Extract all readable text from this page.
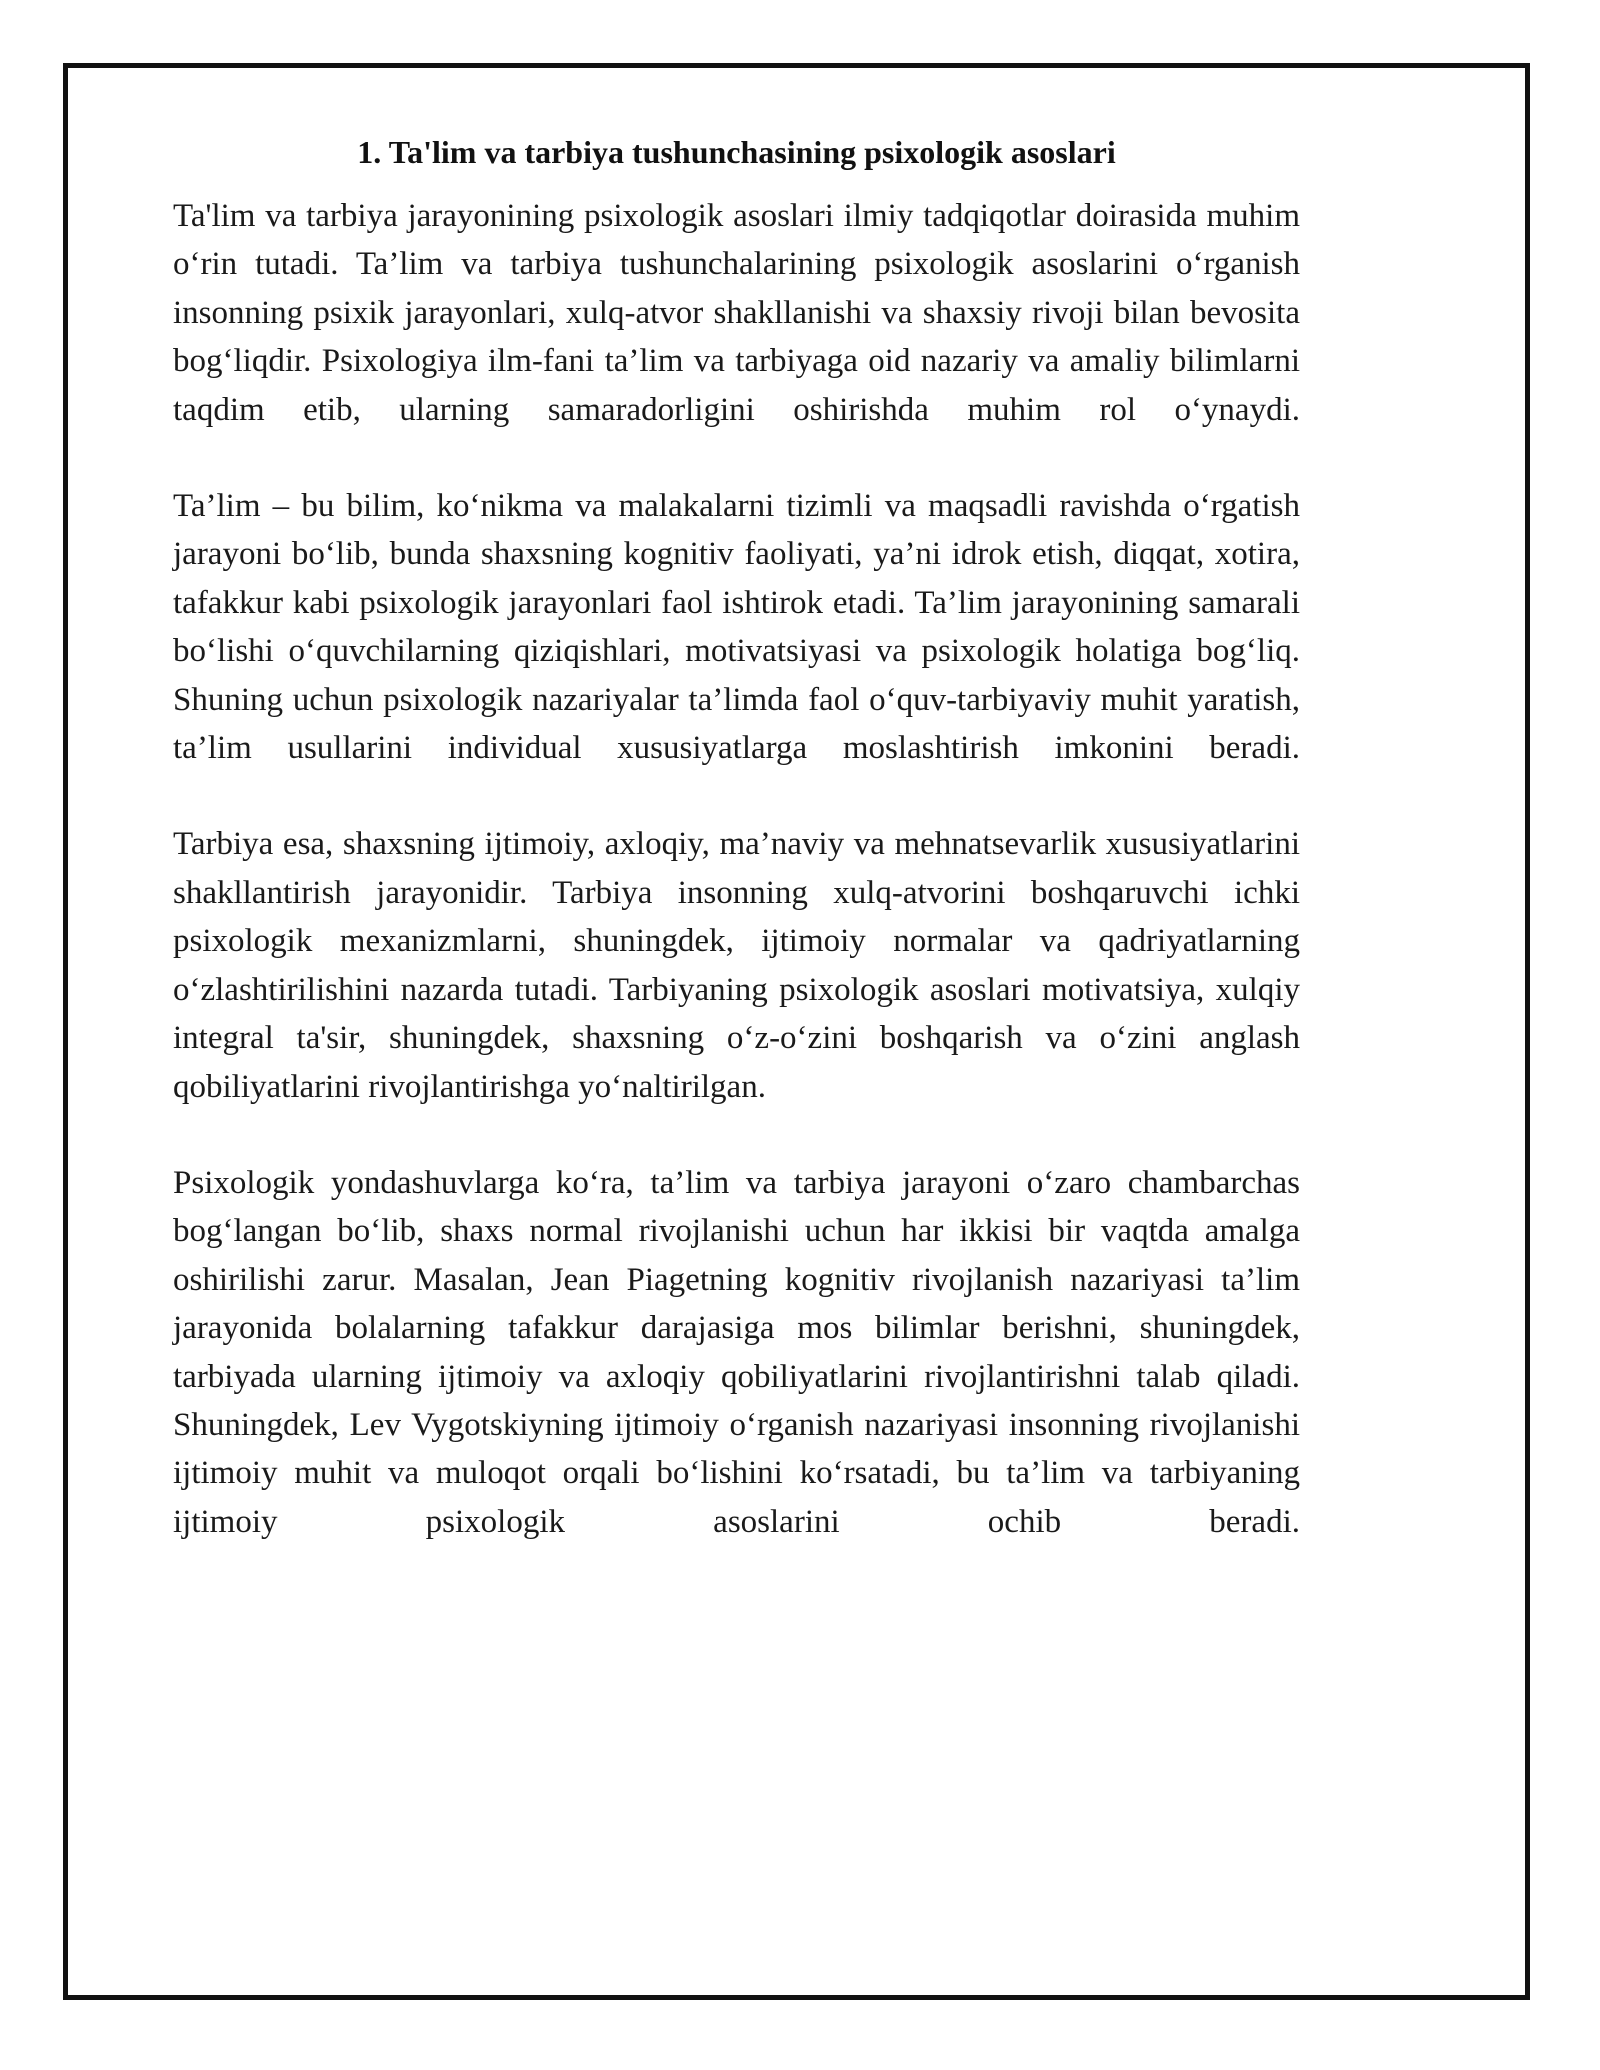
1. Ta'lim va tarbiya tushunchasining psixologik asoslari

Ta'lim va tarbiya jarayonining psixologik asoslari ilmiy tadqiqotlar doirasida muhim o‘rin tutadi. Ta’lim va tarbiya tushunchalarining psixologik asoslarini o‘rganish insonning psixik jarayonlari, xulq-atvor shakllanishi va shaxsiy rivoji bilan bevosita bog‘liqdir. Psixologiya ilm-fani ta’lim va tarbiyaga oid nazariy va amaliy bilimlarni taqdim etib, ularning samaradorligini oshirishda muhim rol o‘ynaydi.

Ta’lim – bu bilim, ko‘nikma va malakalarni tizimli va maqsadli ravishda o‘rgatish jarayoni bo‘lib, bunda shaxsning kognitiv faoliyati, ya’ni idrok etish, diqqat, xotira, tafakkur kabi psixologik jarayonlari faol ishtirok etadi. Ta’lim jarayonining samarali bo‘lishi o‘quvchilarning qiziqishlari, motivatsiyasi va psixologik holatiga bog‘liq. Shuning uchun psixologik nazariyalar ta’limda faol o‘quv-tarbiyaviy muhit yaratish, ta’lim usullarini individual xususiyatlarga moslashtirish imkonini beradi.

Tarbiya esa, shaxsning ijtimoiy, axloqiy, ma’naviy va mehnatsevarlik xususiyatlarini shakllantirish jarayonidir. Tarbiya insonning xulq-atvorini boshqaruvchi ichki psixologik mexanizmlarni, shuningdek, ijtimoiy normalar va qadriyatlarning o‘zlashtirilishini nazarda tutadi. Tarbiyaning psixologik asoslari motivatsiya, xulqiy integral ta'sir, shuningdek, shaxsning o‘z-o‘zini boshqarish va o‘zini anglash qobiliyatlarini rivojlantirishga yo‘naltirilgan.

Psixologik yondashuvlarga ko‘ra, ta’lim va tarbiya jarayoni o‘zaro chambarchas bog‘langan bo‘lib, shaxs normal rivojlanishi uchun har ikkisi bir vaqtda amalga oshirilishi zarur. Masalan, Jean Piagetning kognitiv rivojlanish nazariyasi ta’lim jarayonida bolalarning tafakkur darajasiga mos bilimlar berishni, shuningdek, tarbiyada ularning ijtimoiy va axloqiy qobiliyatlarini rivojlantirishni talab qiladi. Shuningdek, Lev Vygotskiyning ijtimoiy o‘rganish nazariyasi insonning rivojlanishi ijtimoiy muhit va muloqot orqali bo‘lishini ko‘rsatadi, bu ta’lim va tarbiyaning ijtimoiy psixologik asoslarini ochib beradi.
